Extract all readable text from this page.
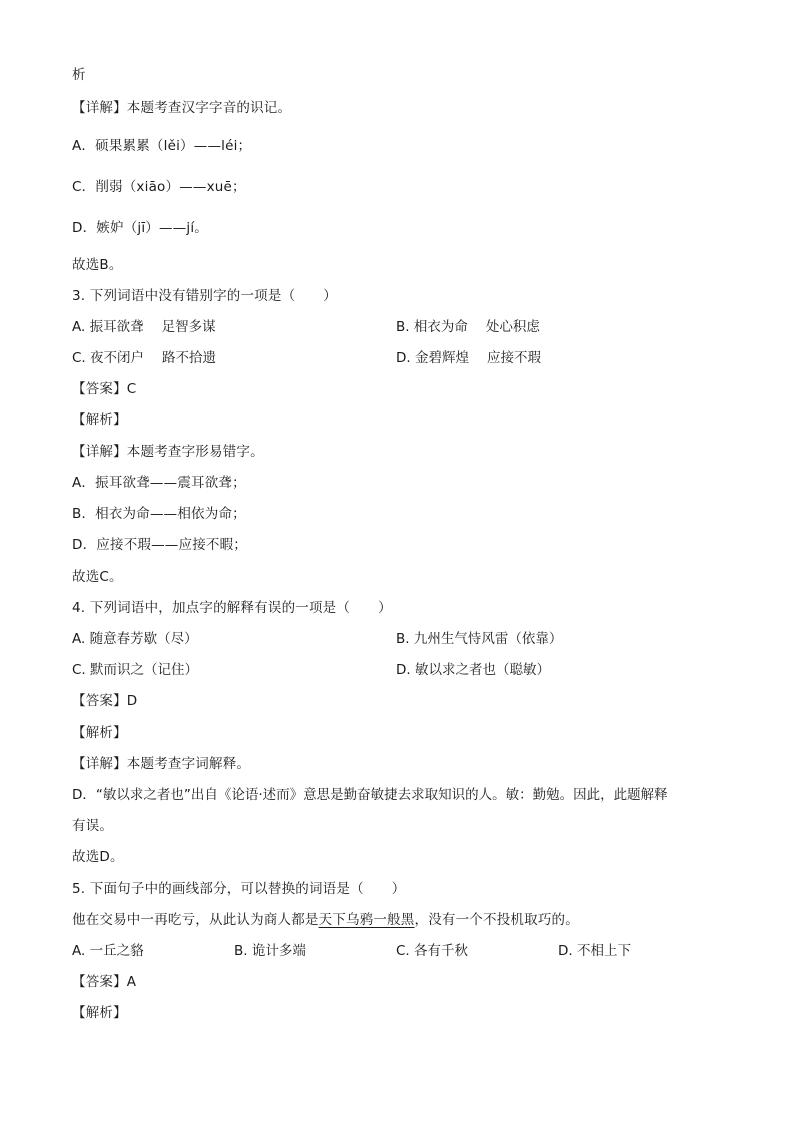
析
【详解】本题考查汉字字音的识记。
A．硕果累累（lěi）——léi；
C．削弱（xiāo）——xuē；
D．嫉妒（jī）——jí。
故选B。
3. 下列词语中没有错别字的一项是（ ）
A. 振耳欲聋 足智多谋	B. 相衣为命 处心积虑
C. 夜不闭户 路不拾遗	D. 金碧辉煌 应接不瑕
【答案】C
【解析】
【详解】本题考查字形易错字。
A．振耳欲聋——震耳欲聋；
B．相衣为命——相依为命；
D．应接不瑕——应接不暇；
故选C。
4. 下列词语中，加点字的解释有误的一项是（ ）
A. 随意春芳歇（尽）	B. 九州生气恃风雷（依靠）
C. 默而识之（记住）	D. 敏以求之者也（聪敏）
【答案】D
【解析】
【详解】本题考查字词解释。
D．“敏以求之者也”出自《论语·述而》意思是勤奋敏捷去求取知识的人。敏：勤勉。因此，此题解释
有误。
故选D。
5. 下面句子中的画线部分，可以替换的词语是（ ）
他在交易中一再吃亏，从此认为商人都是天下乌鸦一般黑，没有一个不投机取巧的。
A. 一丘之貉	B. 诡计多端	C. 各有千秋	D. 不相上下
【答案】A
【解析】
